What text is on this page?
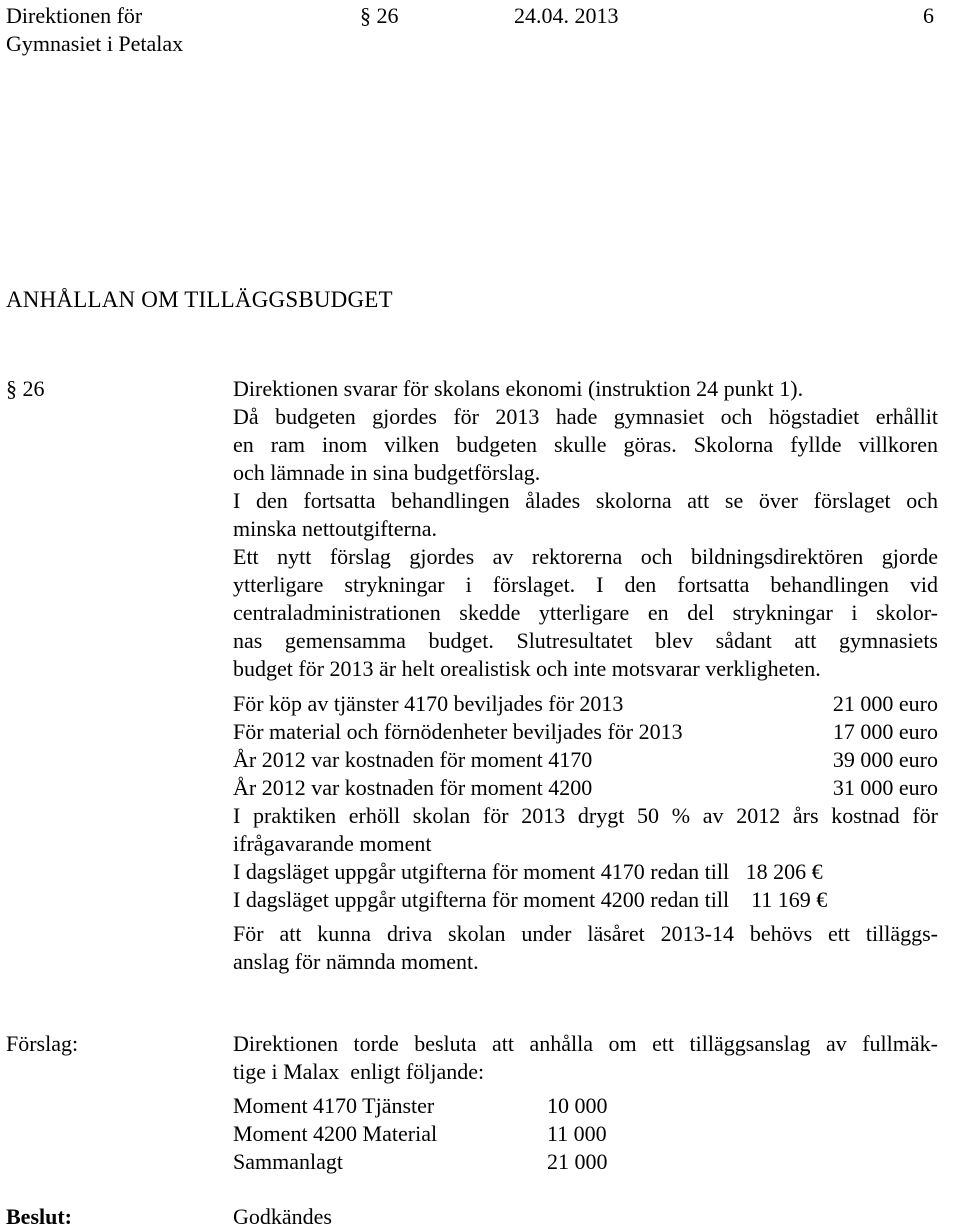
Direktionen för
Gymnasiet i Petalax
§ 26	24.04. 2013	6
ANHÅLLAN OM TILLÄGGSBUDGET
§ 26	Direktionen svarar för skolans ekonomi (instruktion 24 punkt 1).
Då budgeten gjordes för 2013 hade gymnasiet och högstadiet erhållit
en ram inom vilken budgeten skulle göras. Skolorna fyllde villkoren
och lämnade in sina budgetförslag.
I den fortsatta behandlingen ålades skolorna att se över förslaget och
minska nettoutgifterna.
Ett nytt förslag gjordes av rektorerna och bildningsdirektören gjorde
ytterligare strykningar i förslaget. I den fortsatta behandlingen vid
centraladministrationen skedde ytterligare en del strykningar i skolor-
nas gemensamma budget. Slutresultatet blev sådant att gymnasiets
budget för 2013 är helt orealistisk och inte motsvarar verkligheten.
För köp av tjänster 4170 beviljades för 2013	21 000 euro
För material och förnödenheter beviljades för 2013	17 000 euro
År 2012 var kostnaden för moment 4170	39 000 euro
År 2012 var kostnaden för moment 4200	31 000 euro
I praktiken erhöll skolan för 2013 drygt 50 % av 2012 års kostnad för
ifrågavarande moment
I dagsläget uppgår utgifterna för moment 4170 redan till   18 206 €
I dagsläget uppgår utgifterna för moment 4200 redan till    11 169 €
För att kunna driva skolan under läsåret 2013-14 behövs ett tilläggs-
anslag för nämnda moment.
Förslag:	Direktionen torde besluta att anhålla om ett tilläggsanslag av fullmäk-
tige i Malax  enligt följande:
Moment 4170 Tjänster	10 000
Moment 4200 Material	11 000
Sammanlagt	21 000
Beslut:	Godkändes
